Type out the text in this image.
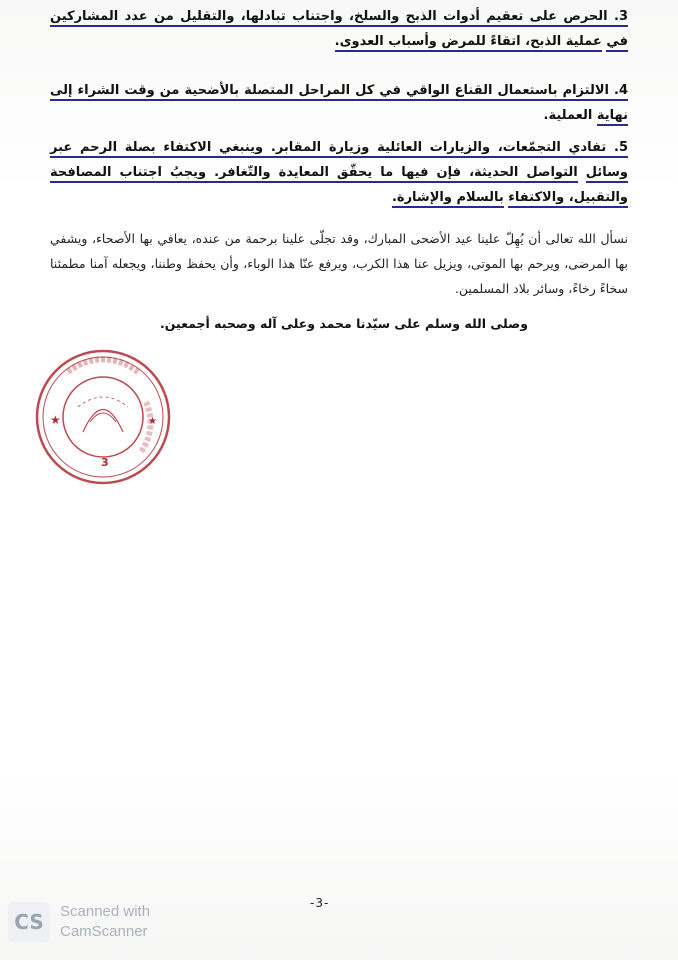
3. الحرص على تعقيم أدوات الذبح والسلخ، واجتناب تبادلها، والتقليل من عدد المشاركين في عملية الذبح، اتقاءً للمرض وأسباب العدوى.
4. الالتزام باستعمال القناع الواقي في كل المراحل المتصلة بالأضحية من وقت الشراء إلى نهاية العملية.
5. تفادي التجمّعات، والزيارات العائلية وزيارة المقابر. وينبغي الاكتفاء بصلة الرحم عبر وسائل التواصل الحديثة، فإن فيها ما يحقّق المعايدة والتّغافر. ويجبُ اجتناب المصافحة والتقبيل، والاكتفاء بالسلام والإشارة.
نسأل الله تعالى أن يُهِلّ علينا عيد الأضحى المبارك، وقد تجلّى علينا برحمة من عنده، يعافي بها الأصحاء، ويشفي بها المرضى، ويرحم بها الموتى، ويزيل عنا هذا الكرب، ويرفع عنّا هذا الوباء، وأن يحفظ وطننا، ويجعله آمنا مطمئنا سخاءً رخاءً، وسائر بلاد المسلمين.
وصلى الله وسلم على سيّدنا محمد وعلى آله وصحبه أجمعين.
★	★
3
-3-
CS	Scanned with
CamScanner
